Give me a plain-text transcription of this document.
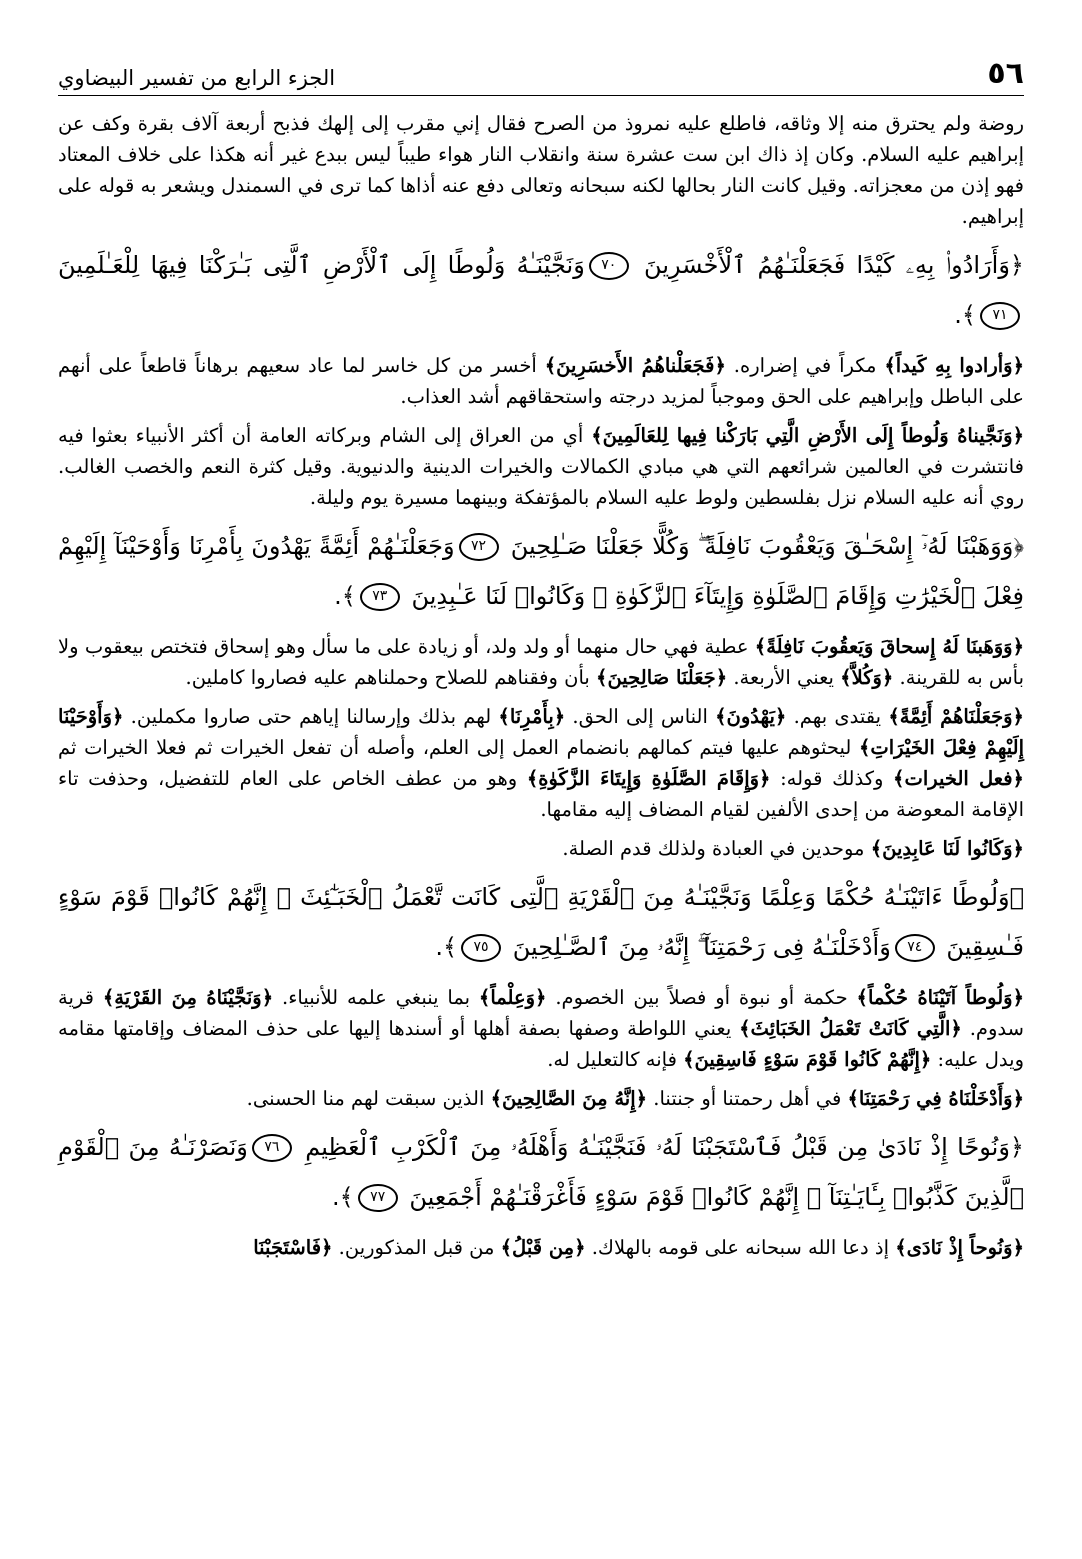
٥٦
الجزء الرابع من تفسير البيضاوي

روضة ولم يحترق منه إلا وثاقه، فاطلع عليه نمروذ من الصرح فقال إني مقرب إلى إلهك فذبح أربعة آلاف بقرة وكف عن إبراهيم عليه السلام. وكان إذ ذاك ابن ست عشرة سنة وانقلاب النار هواء طيباً ليس ببدع غير أنه هكذا على خلاف المعتاد فهو إذن من معجزاته. وقيل كانت النار بحالها لكنه سبحانه وتعالى دفع عنه أذاها كما ترى في السمندل ويشعر به قوله على إبراهيم.

﴿وَأَرَادُوا۟ بِهِۦ كَيْدًا فَجَعَلْنَـٰهُمُ ٱلْأَخْسَرِينَ ٧٠وَنَجَّيْنَـٰهُ وَلُوطًا إِلَى ٱلْأَرْضِ ٱلَّتِى بَـٰرَكْنَا فِيهَا لِلْعَـٰلَمِينَ ٧١﴾.

﴿وَأرادوا بِهِ كَيداً﴾ مكراً في إضراره. ﴿فَجَعَلْناهُمُ الأَخسَرِينَ﴾ أخسر من كل خاسر لما عاد سعيهم برهاناً قاطعاً على أنهم على الباطل وإبراهيم على الحق وموجباً لمزيد درجته واستحقاقهم أشد العذاب.

﴿وَنَجَّيناهُ وَلُوطاً إِلَى الأَرْضِ الَّتِي بَارَكْنا فِيها لِلعَالَمِينَ﴾ أي من العراق إلى الشام وبركاته العامة أن أكثر الأنبياء بعثوا فيه فانتشرت في العالمين شرائعهم التي هي مبادي الكمالات والخيرات الدينية والدنيوية. وقيل كثرة النعم والخصب الغالب. روي أنه عليه السلام نزل بفلسطين ولوط عليه السلام بالمؤتفكة وبينهما مسيرة يوم وليلة.

﴿وَوَهَبْنَا لَهُۥٓ إِسْحَـٰقَ وَيَعْقُوبَ نَافِلَةً ۖ وَكُلًّا جَعَلْنَا صَـٰلِحِينَ ٧٢وَجَعَلْنَـٰهُمْ أَئِمَّةً يَهْدُونَ بِأَمْرِنَا وَأَوْحَيْنَآ إِلَيْهِمْ فِعْلَ ٱلْخَيْرَٰتِ وَإِقَامَ ٱلصَّلَوٰةِ وَإِيتَآءَ ٱلزَّكَوٰةِ ۖ وَكَانُوا۟ لَنَا عَـٰبِدِينَ ٧٣﴾.

﴿وَوَهَبنَا لَهُ إِسحاقَ وَيَعقُوبَ نَافِلَةً﴾ عطية فهي حال منهما أو ولد ولد، أو زيادة على ما سأل وهو إسحاق فتختص بيعقوب ولا بأس به للقرينة. ﴿وَكُلاَّ﴾ يعني الأربعة. ﴿جَعَلْنَا صَالِحِينَ﴾ بأن وفقناهم للصلاح وحملناهم عليه فصاروا كاملين.

﴿وَجَعَلْنَاهُمْ أَئِمَّةً﴾ يقتدى بهم. ﴿يَهْدُونَ﴾ الناس إلى الحق. ﴿بِأَمْرِنَا﴾ لهم بذلك وإرسالنا إياهم حتى صاروا مكملين. ﴿وَأَوْحَيْنَا إِلَيْهِمْ فِعْلَ الخَيْرَاتِ﴾ ليحثوهم عليها فيتم كمالهم بانضمام العمل إلى العلم، وأصله أن تفعل الخيرات ثم فعلا الخيرات ثم ﴿فعل الخيرات﴾ وكذلك قوله: ﴿وَإِقَامَ الصَّلَوٰةِ وَإِيتَاءَ الزَّكَوٰةِ﴾ وهو من عطف الخاص على العام للتفضيل، وحذفت تاء الإقامة المعوضة من إحدى الألفين لقيام المضاف إليه مقامها.

﴿وَكَانُوا لَنَا عَابِدِينَ﴾ موحدين في العبادة ولذلك قدم الصلة.

﴿وَلُوطًا ءَاتَيْنَـٰهُ حُكْمًا وَعِلْمًا وَنَجَّيْنَـٰهُ مِنَ ٱلْقَرْيَةِ ٱلَّتِى كَانَت تَّعْمَلُ ٱلْخَبَـٰٓئِثَ ۗ إِنَّهُمْ كَانُوا۟ قَوْمَ سَوْءٍ فَـٰسِقِينَ ٧٤وَأَدْخَلْنَـٰهُ فِى رَحْمَتِنَآ ۖ إِنَّهُۥ مِنَ ٱلصَّـٰلِحِينَ ٧٥﴾.

﴿وَلُوطاً آتَيْنَاهُ حُكْماً﴾ حكمة أو نبوة أو فصلاً بين الخصوم. ﴿وَعِلْماً﴾ بما ينبغي علمه للأنبياء. ﴿وَنَجَّيْنَاهُ مِنَ القَرْيَةِ﴾ قرية سدوم. ﴿الَّتِي كَانَتْ تَعْمَلُ الخَبَائِثَ﴾ يعني اللواطة وصفها بصفة أهلها أو أسندها إليها على حذف المضاف وإقامتها مقامه ويدل عليه: ﴿إِنَّهُمْ كَانُوا قَوْمَ سَوْءٍ فَاسِقِينَ﴾ فإنه كالتعليل له.

﴿وَأَدْخَلْنَاهُ فِي رَحْمَتِنَا﴾ في أهل رحمتنا أو جنتنا. ﴿إِنَّهُ مِنَ الصَّالِحِينَ﴾ الذين سبقت لهم منا الحسنى.

﴿وَنُوحًا إِذْ نَادَىٰ مِن قَبْلُ فَٱسْتَجَبْنَا لَهُۥ فَنَجَّيْنَـٰهُ وَأَهْلَهُۥ مِنَ ٱلْكَرْبِ ٱلْعَظِيمِ ٧٦وَنَصَرْنَـٰهُ مِنَ ٱلْقَوْمِ ٱلَّذِينَ كَذَّبُوا۟ بِـَٔايَـٰتِنَآ ۚ إِنَّهُمْ كَانُوا۟ قَوْمَ سَوْءٍ فَأَغْرَقْنَـٰهُمْ أَجْمَعِينَ ٧٧﴾.

﴿وَنُوحاً إِذْ نَادَى﴾ إذ دعا الله سبحانه على قومه بالهلاك. ﴿مِن قَبْلُ﴾ من قبل المذكورين. ﴿فَاسْتَجَبْنَا
